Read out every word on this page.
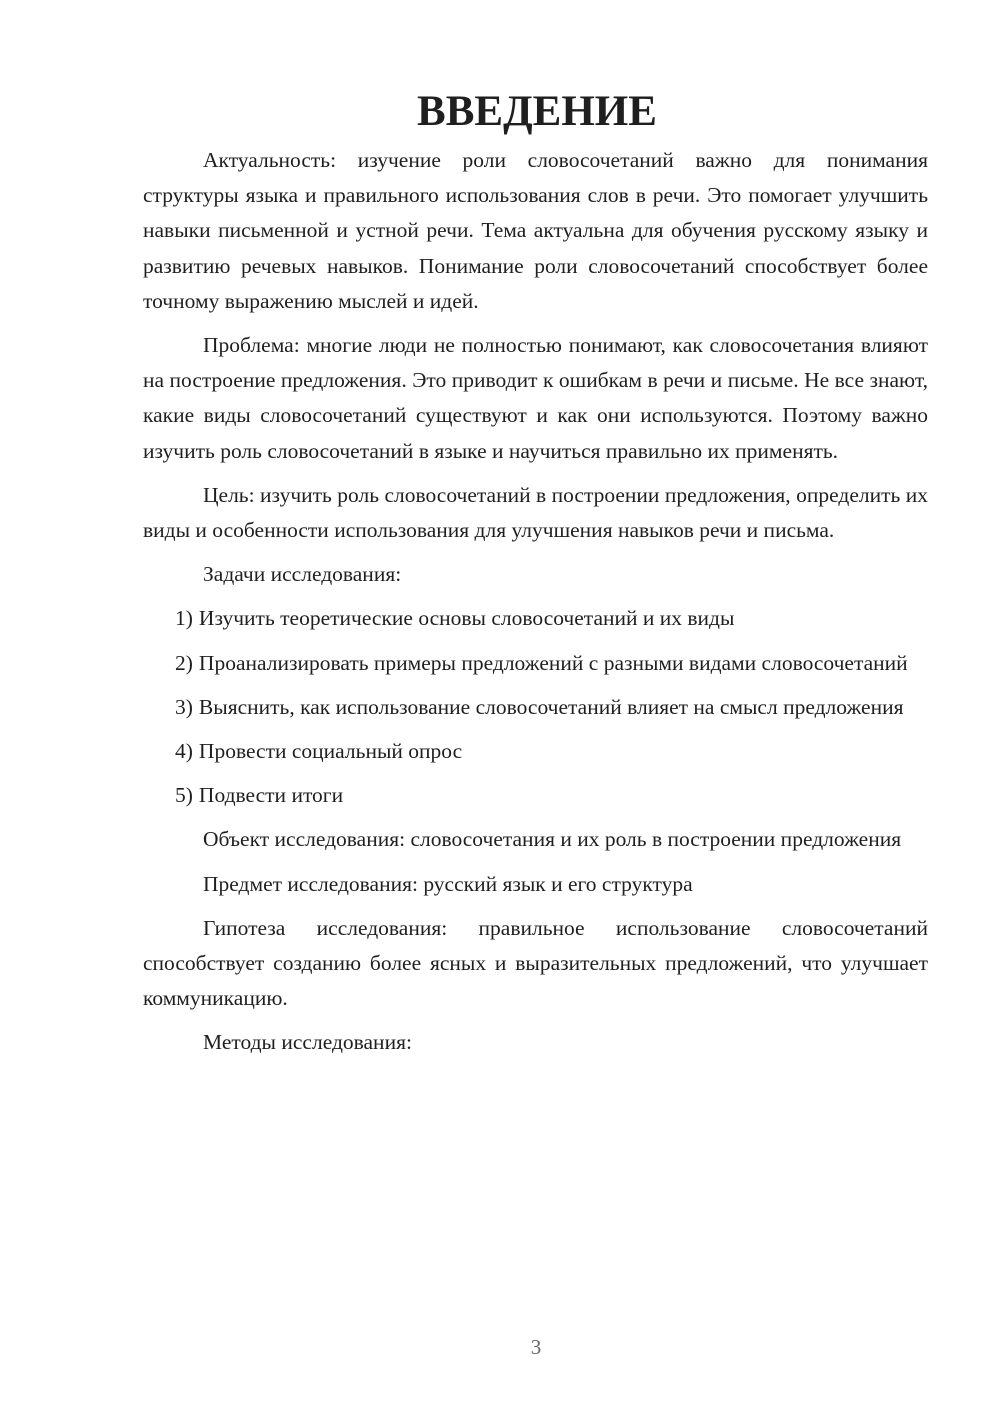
ВВЕДЕНИЕ

Актуальность: изучение роли словосочетаний важно для понимания структуры языка и правильного использования слов в речи. Это помогает улучшить навыки письменной и устной речи. Тема актуальна для обучения русскому языку и развитию речевых навыков. Понимание роли словосочетаний способствует более точному выражению мыслей и идей.

Проблема: многие люди не полностью понимают, как словосочетания влияют на построение предложения. Это приводит к ошибкам в речи и письме. Не все знают, какие виды словосочетаний существуют и как они используются. Поэтому важно изучить роль словосочетаний в языке и научиться правильно их применять.

Цель: изучить роль словосочетаний в построении предложения, определить их виды и особенности использования для улучшения навыков речи и письма.

Задачи исследования:

1) Изучить теоретические основы словосочетаний и их виды

2) Проанализировать примеры предложений с разными видами словосочетаний

3) Выяснить, как использование словосочетаний влияет на смысл предложения

4) Провести социальный опрос

5) Подвести итоги

Объект исследования: словосочетания и их роль в построении предложения

Предмет исследования: русский язык и его структура

Гипотеза исследования: правильное использование словосочетаний способствует созданию более ясных и выразительных предложений, что улучшает коммуникацию.

Методы исследования:

3
